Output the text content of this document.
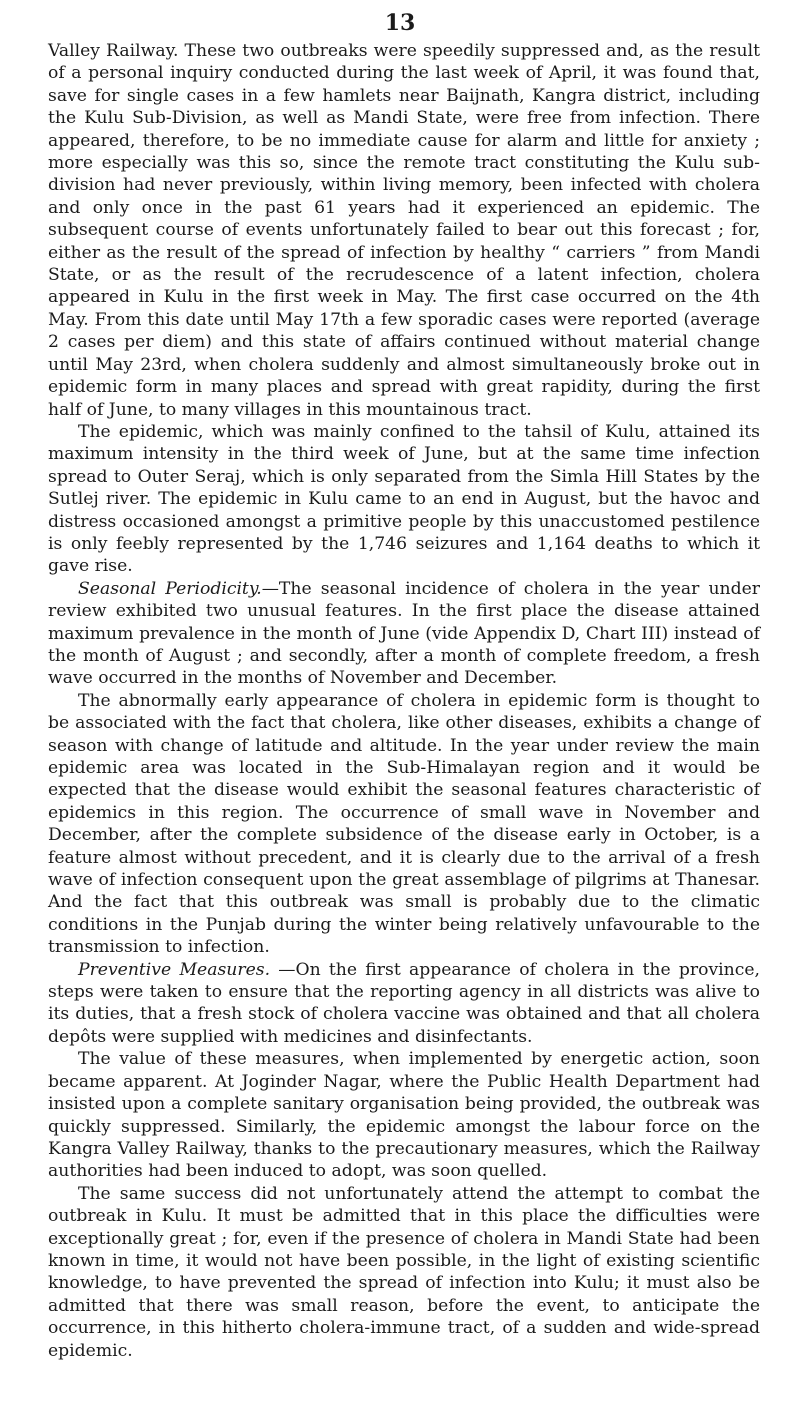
13

Valley Railway. These two outbreaks were speedily suppressed and, as the result of a personal inquiry conducted during the last week of April, it was found that, save for single cases in a few hamlets near Baijnath, Kangra district, including the Kulu Sub-Division, as well as Mandi State, were free from infection. There appeared, therefore, to be no immediate cause for alarm and little for anxiety ; more especially was this so, since the remote tract constituting the Kulu sub-division had never previously, within living memory, been infected with cholera and only once in the past 61 years had it experienced an epidemic. The subsequent course of events unfortunately failed to bear out this forecast ; for, either as the result of the spread of infection by healthy “ carriers ” from Mandi State, or as the result of the recrudescence of a latent infection, cholera appeared in Kulu in the first week in May. The first case occurred on the 4th May. From this date until May 17th a few sporadic cases were reported (average 2 cases per diem) and this state of affairs continued without material change until May 23rd, when cholera suddenly and almost simultaneously broke out in epidemic form in many places and spread with great rapidity, during the first half of June, to many villages in this mountainous tract.

The epidemic, which was mainly confined to the tahsil of Kulu, attained its maximum intensity in the third week of June, but at the same time infection spread to Outer Seraj, which is only separated from the Simla Hill States by the Sutlej river. The epidemic in Kulu came to an end in August, but the havoc and distress occasioned amongst a primitive people by this unaccustomed pestilence is only feebly represented by the 1,746 seizures and 1,164 deaths to which it gave rise.

Seasonal Periodicity.—The seasonal incidence of cholera in the year under review exhibited two unusual features. In the first place the disease attained maximum prevalence in the month of June (vide Appendix D, Chart III) instead of the month of August ; and secondly, after a month of complete freedom, a fresh wave occurred in the months of November and December.

The abnormally early appearance of cholera in epidemic form is thought to be associated with the fact that cholera, like other diseases, exhibits a change of season with change of latitude and altitude. In the year under review the main epidemic area was located in the Sub-Himalayan region and it would be expected that the disease would exhibit the seasonal features characteristic of epidemics in this region. The occurrence of small wave in November and December, after the complete subsidence of the disease early in October, is a feature almost without precedent, and it is clearly due to the arrival of a fresh wave of infection consequent upon the great assemblage of pilgrims at Thanesar. And the fact that this outbreak was small is probably due to the climatic conditions in the Punjab during the winter being relatively unfavourable to the transmission to infection.

Preventive Measures. —On the first appearance of cholera in the province, steps were taken to ensure that the reporting agency in all districts was alive to its duties, that a fresh stock of cholera vaccine was obtained and that all cholera depôts were supplied with medicines and disinfectants.

The value of these measures, when implemented by energetic action, soon became apparent. At Joginder Nagar, where the Public Health Department had insisted upon a complete sanitary organisation being provided, the outbreak was quickly suppressed. Similarly, the epidemic amongst the labour force on the Kangra Valley Railway, thanks to the precautionary measures, which the Railway authorities had been induced to adopt, was soon quelled.

The same success did not unfortunately attend the attempt to combat the outbreak in Kulu. It must be admitted that in this place the difficulties were exceptionally great ; for, even if the presence of cholera in Mandi State had been known in time, it would not have been possible, in the light of existing scientific knowledge, to have prevented the spread of infection into Kulu; it must also be admitted that there was small reason, before the event, to anticipate the occurrence, in this hitherto cholera-immune tract, of a sudden and wide-spread epidemic.
